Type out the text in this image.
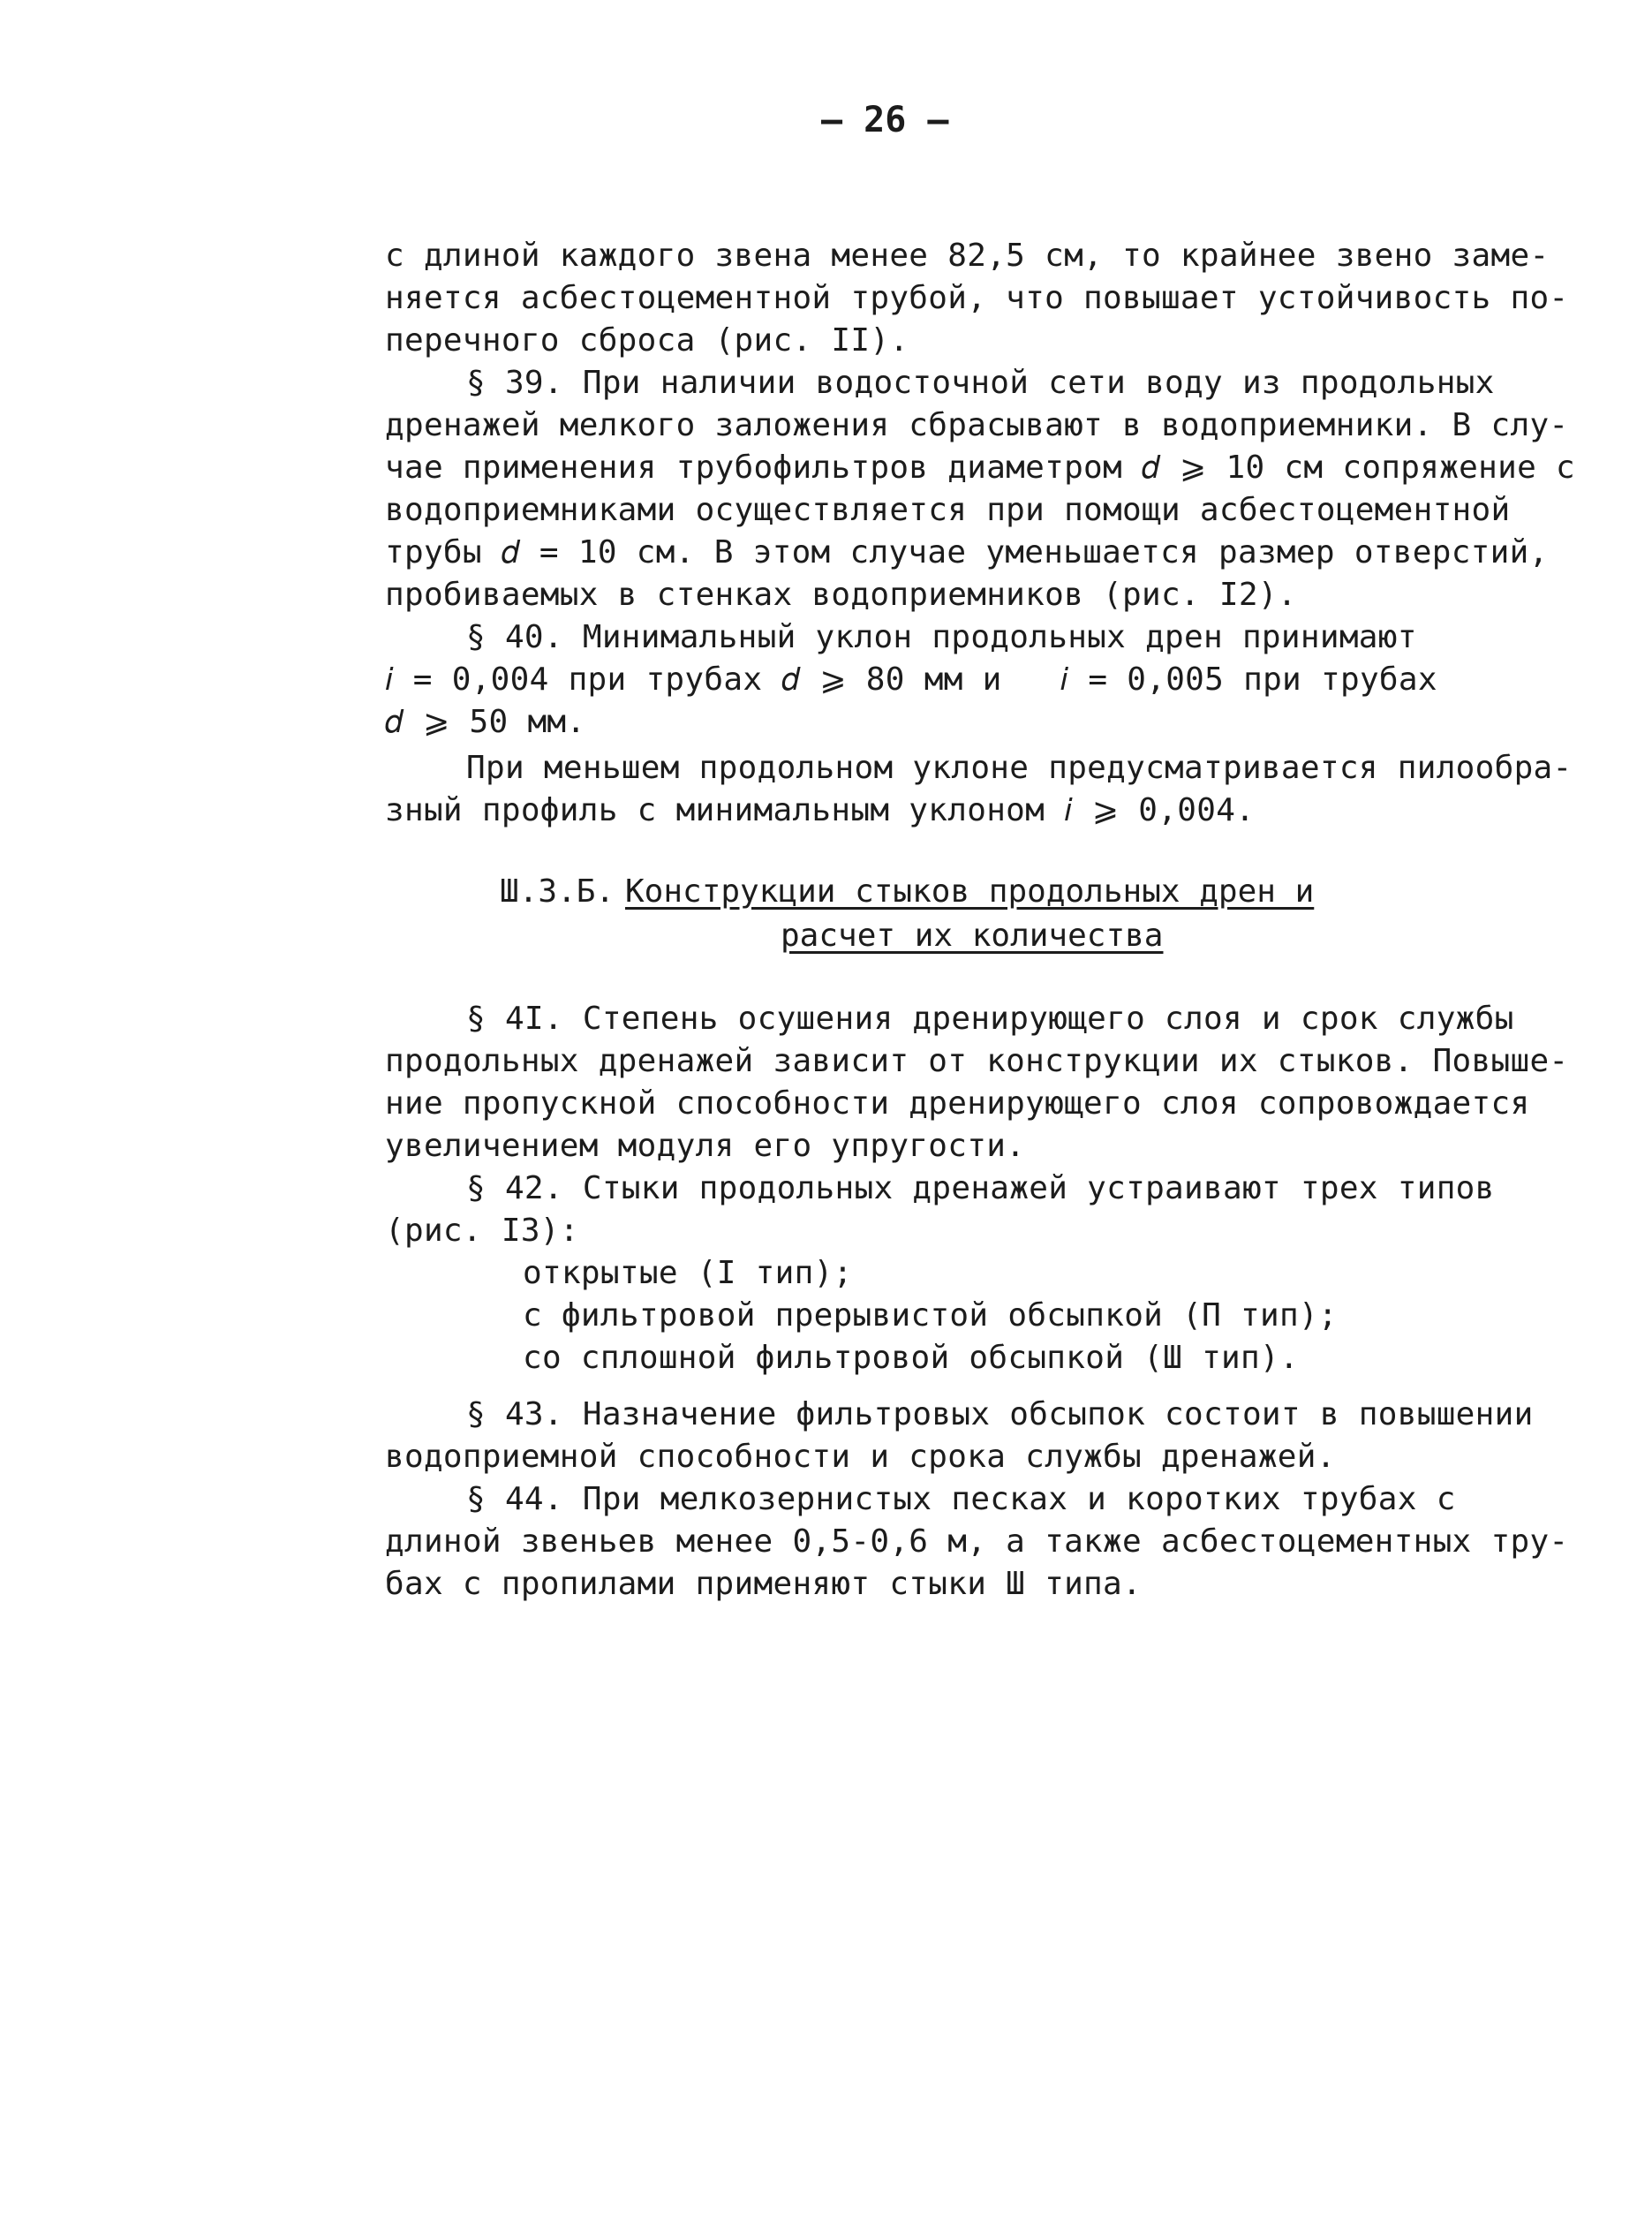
— 26 —

с длиной каждого звена менее 82,5 см, то крайнее звено заме-

няется асбестоцементной трубой, что повышает устойчивость по-

перечного сброса (рис. II).

§ 39. При наличии водосточной сети воду из продольных

дренажей мелкого заложения сбрасывают в водоприемники. В слу-

чае применения трубофильтров диаметром 𝑑 ⩾ 10 см сопряжение с

водоприемниками осуществляется при помощи асбестоцементной

трубы 𝑑 = 10 см. В этом случае уменьшается размер отверстий,

пробиваемых в стенках водоприемников (рис. I2).

§ 40. Минимальный уклон продольных дрен принимают

𝑖 = 0,004 при трубах 𝑑 ⩾ 80 мм и   𝑖 = 0,005 при трубах

𝑑 ⩾ 50 мм.

При меньшем продольном уклоне предусматривается пилообра-

зный профиль с минимальным уклоном 𝑖 ⩾ 0,004.

Ш.3.Б. Конструкции стыков продольных дрен и
расчет их количества

§ 4I. Степень осушения дренирующего слоя и срок службы

продольных дренажей зависит от конструкции их стыков. Повыше-

ние пропускной способности дренирующего слоя сопровождается

увеличением модуля его упругости.

§ 42. Стыки продольных дренажей устраивают трех типов

(рис. I3):

открытые (I тип);

с фильтровой прерывистой обсыпкой (П тип);

со сплошной фильтровой обсыпкой (Ш тип).

§ 43. Назначение фильтровых обсыпок состоит в повышении

водоприемной способности и срока службы дренажей.

§ 44. При мелкозернистых песках и коротких трубах с

длиной звеньев менее 0,5-0,6 м, а также асбестоцементных тру-

бах с пропилами применяют стыки Ш типа.
